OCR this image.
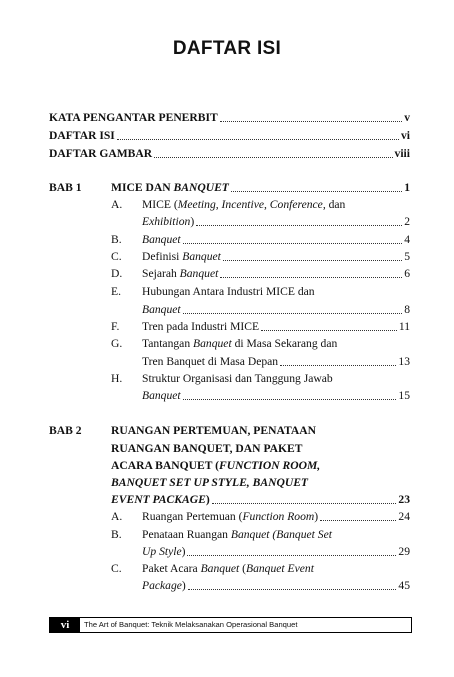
DAFTAR ISI
KATA PENGANTAR PENERBIT	v
DAFTAR ISI	vi
DAFTAR GAMBAR	viii
BAB 1	MICE DAN BANQUET	1
A. MICE (Meeting, Incentive, Conference, dan
Exhibition)	2
B. Banquet	4
C. Definisi Banquet	5
D. Sejarah Banquet	6
E. Hubungan Antara Industri MICE dan
Banquet	8
F. Tren pada Industri MICE	11
G. Tantangan Banquet di Masa Sekarang dan
Tren Banquet di Masa Depan	13
H. Struktur Organisasi dan Tanggung Jawab
Banquet	15
BAB 2	RUANGAN PERTEMUAN, PENATAAN
RUANGAN BANQUET, DAN PAKET
ACARA BANQUET (FUNCTION ROOM,
BANQUET SET UP STYLE, BANQUET
EVENT PACKAGE)	23
A. Ruangan Pertemuan (Function Room)	24
B. Penataan Ruangan Banquet (Banquet Set
Up Style)	29
C. Paket Acara Banquet (Banquet Event
Package)	45
vi	The Art of Banquet: Teknik Melaksanakan Operasional Banquet
